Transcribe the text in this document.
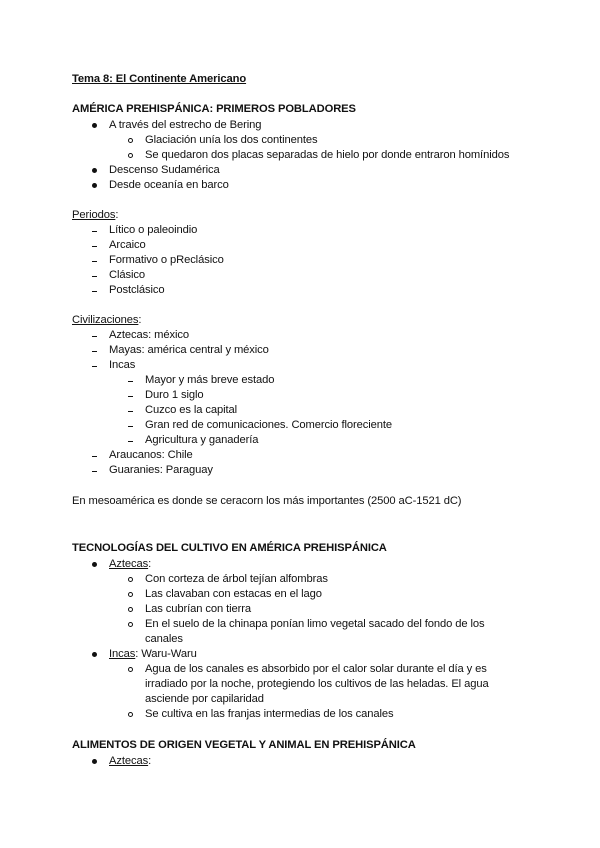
Tema 8: El Continente Americano
AMÉRICA PREHISPÁNICA: PRIMEROS POBLADORES
A través del estrecho de Bering
Glaciación unía los dos continentes
Se quedaron dos placas separadas de hielo por donde entraron homínidos
Descenso Sudamérica
Desde oceanía en barco
Periodos:
Lítico o paleoindio
Arcaico
Formativo o pReclásico
Clásico
Postclásico
Civilizaciones:
Aztecas: méxico
Mayas: américa central y méxico
Incas
Mayor y más breve estado
Duro 1 siglo
Cuzco es la capital
Gran red de comunicaciones. Comercio floreciente
Agricultura y ganadería
Araucanos: Chile
Guaranies: Paraguay
En mesoamérica es donde se ceracorn los más importantes (2500 aC-1521 dC)
TECNOLOGÍAS DEL CULTIVO EN AMÉRICA PREHISPÁNICA
Aztecas:
Con corteza de árbol tejían alfombras
Las clavaban con estacas en el lago
Las cubrían con tierra
En el suelo de la chinapa ponían limo vegetal sacado del fondo de los
canales
Incas: Waru-Waru
Agua de los canales es absorbido por el calor solar durante el día y es
irradiado por la noche, protegiendo los cultivos de las heladas. El agua
asciende por capilaridad
Se cultiva en las franjas intermedias de los canales
ALIMENTOS DE ORIGEN VEGETAL Y ANIMAL EN PREHISPÁNICA
Aztecas:
